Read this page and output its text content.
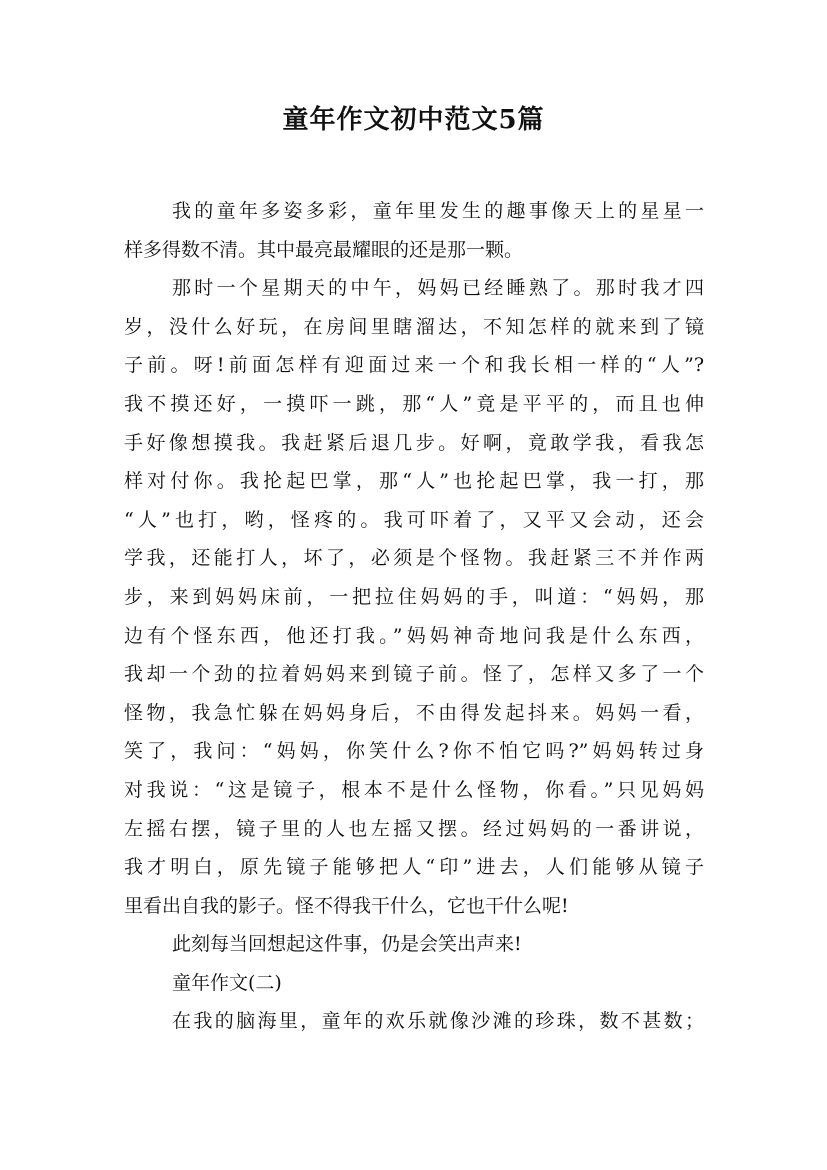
童年作文初中范文5篇
我的童年多姿多彩，童年里发生的趣事像天上的星星一
样多得数不清。其中最亮最耀眼的还是那一颗。
那时一个星期天的中午，妈妈已经睡熟了。那时我才四
岁，没什么好玩，在房间里瞎溜达，不知怎样的就来到了镜
子前。呀!前面怎样有迎面过来一个和我长相一样的“人”?
我不摸还好，一摸吓一跳，那“人”竟是平平的，而且也伸
手好像想摸我。我赶紧后退几步。好啊，竟敢学我，看我怎
样对付你。我抡起巴掌，那“人”也抡起巴掌，我一打，那
“人”也打，哟，怪疼的。我可吓着了，又平又会动，还会
学我，还能打人，坏了，必须是个怪物。我赶紧三不并作两
步，来到妈妈床前，一把拉住妈妈的手，叫道：“妈妈，那
边有个怪东西，他还打我。”妈妈神奇地问我是什么东西，
我却一个劲的拉着妈妈来到镜子前。怪了，怎样又多了一个
怪物，我急忙躲在妈妈身后，不由得发起抖来。妈妈一看，
笑了，我问：“妈妈，你笑什么?你不怕它吗?”妈妈转过身
对我说：“这是镜子，根本不是什么怪物，你看。”只见妈妈
左摇右摆，镜子里的人也左摇又摆。经过妈妈的一番讲说，
我才明白，原先镜子能够把人“印”进去，人们能够从镜子
里看出自我的影子。怪不得我干什么，它也干什么呢!
此刻每当回想起这件事，仍是会笑出声来!
童年作文(二)
在我的脑海里，童年的欢乐就像沙滩的珍珠，数不甚数；
